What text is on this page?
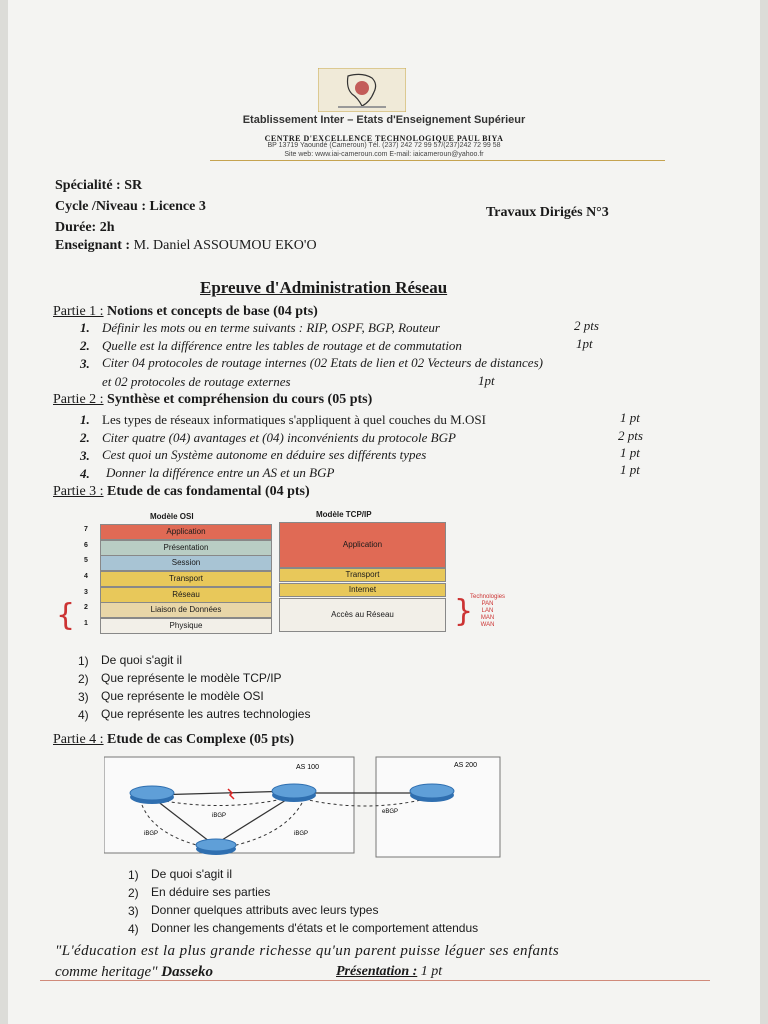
Etablissement Inter – Etats d'Enseignement Supérieur
CENTRE D'EXCELLENCE TECHNOLOGIQUE PAUL BIYA
BP 13719 Yaoundé (Cameroun) Tél. (237) 242 72 99 57/(237)242 72 99 58
Site web: www.iai-cameroun.com E-mail: iaicameroun@yahoo.fr
Spécialité : SR
Cycle /Niveau : Licence 3
Durée: 2h
Enseignant : M. Daniel ASSOUMOU EKO'O
Travaux Dirigés N°3
Epreuve d'Administration Réseau
Partie 1 : Notions et concepts de base (04 pts)
1. Définir les mots ou en terme suivants : RIP, OSPF, BGP, Routeur	2 pts
2. Quelle est la différence entre les tables de routage et de commutation	1pt
3. Citer 04 protocoles de routage internes (02 Etats de lien et 02 Vecteurs de distances)
et 02 protocoles de routage externes	1pt
Partie 2 : Synthèse et compréhension du cours (05 pts)
1. Les types de réseaux informatiques s'appliquent à quel couches du M.OSI	1 pt
2. Citer quatre (04) avantages et (04) inconvénients du protocole BGP	2 pts
3. Cest quoi un Système autonome en déduire ses différents types	1 pt
4. Donner la différence entre un AS et un BGP	1 pt
Partie 3 : Etude de cas fondamental (04 pts)
Modèle OSI	Modèle TCP/IP
7	Application
6	Présentation
5	Session
4	Transport
3	Réseau
2	Liaison de Données
1	Physique
Application
Transport
Internet
Accès au Réseau
{	}
Technologies
PAN
LAN
MAN
WAN
1) De quoi s'agit il
2) Que représente le modèle TCP/IP
3) Que représente le modèle OSI
4) Que représente les autres technologies
Partie 4 : Etude de cas Complexe (05 pts)
AS 100	AS 200
iBGP
iBGP	iBGP
eBGP
1) De quoi s'agit il
2) En déduire ses parties
3) Donner quelques attributs avec leurs types
4) Donner les changements d'états et le comportement attendus
"L'éducation est la plus grande richesse qu'un parent puisse léguer ses enfants
comme heritage" Dasseko	Présentation : 1 pt
